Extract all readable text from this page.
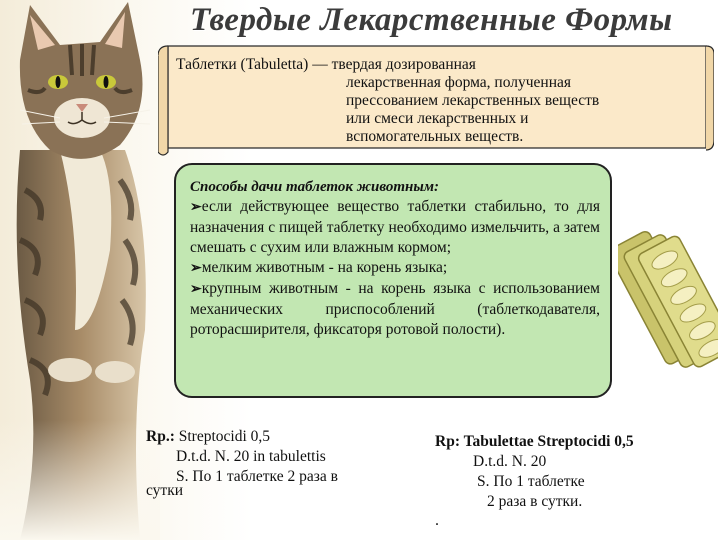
Твердые Лекарственные Формы
Таблетки (Tabuletta) — твердая дозированная
лекарственная форма, полученная
прессованием лекарственных веществ
или смеси лекарственных и
вспомогательных веществ.
Способы дачи таблеток животным:

➢если действующее вещество таблетки стабильно, то для назначения с пищей таблетку необходимо измельчить, а затем смешать с сухим или влажным кормом;

➢мелким животным - на корень языка;

➢крупным животным - на корень языка с использованием механических приспособлений (таблеткодавателя, роторасширителя, фиксаторя ротовой полости).

Rp.: Streptocidi 0,5
D.t.d. N. 20 in tabulettis
S. По 1 таблетке 2 раза в
сутки
Rp: Tabulettae Streptocidi 0,5
D.t.d. N. 20
S. По 1 таблетке
2 раза в сутки.
.
